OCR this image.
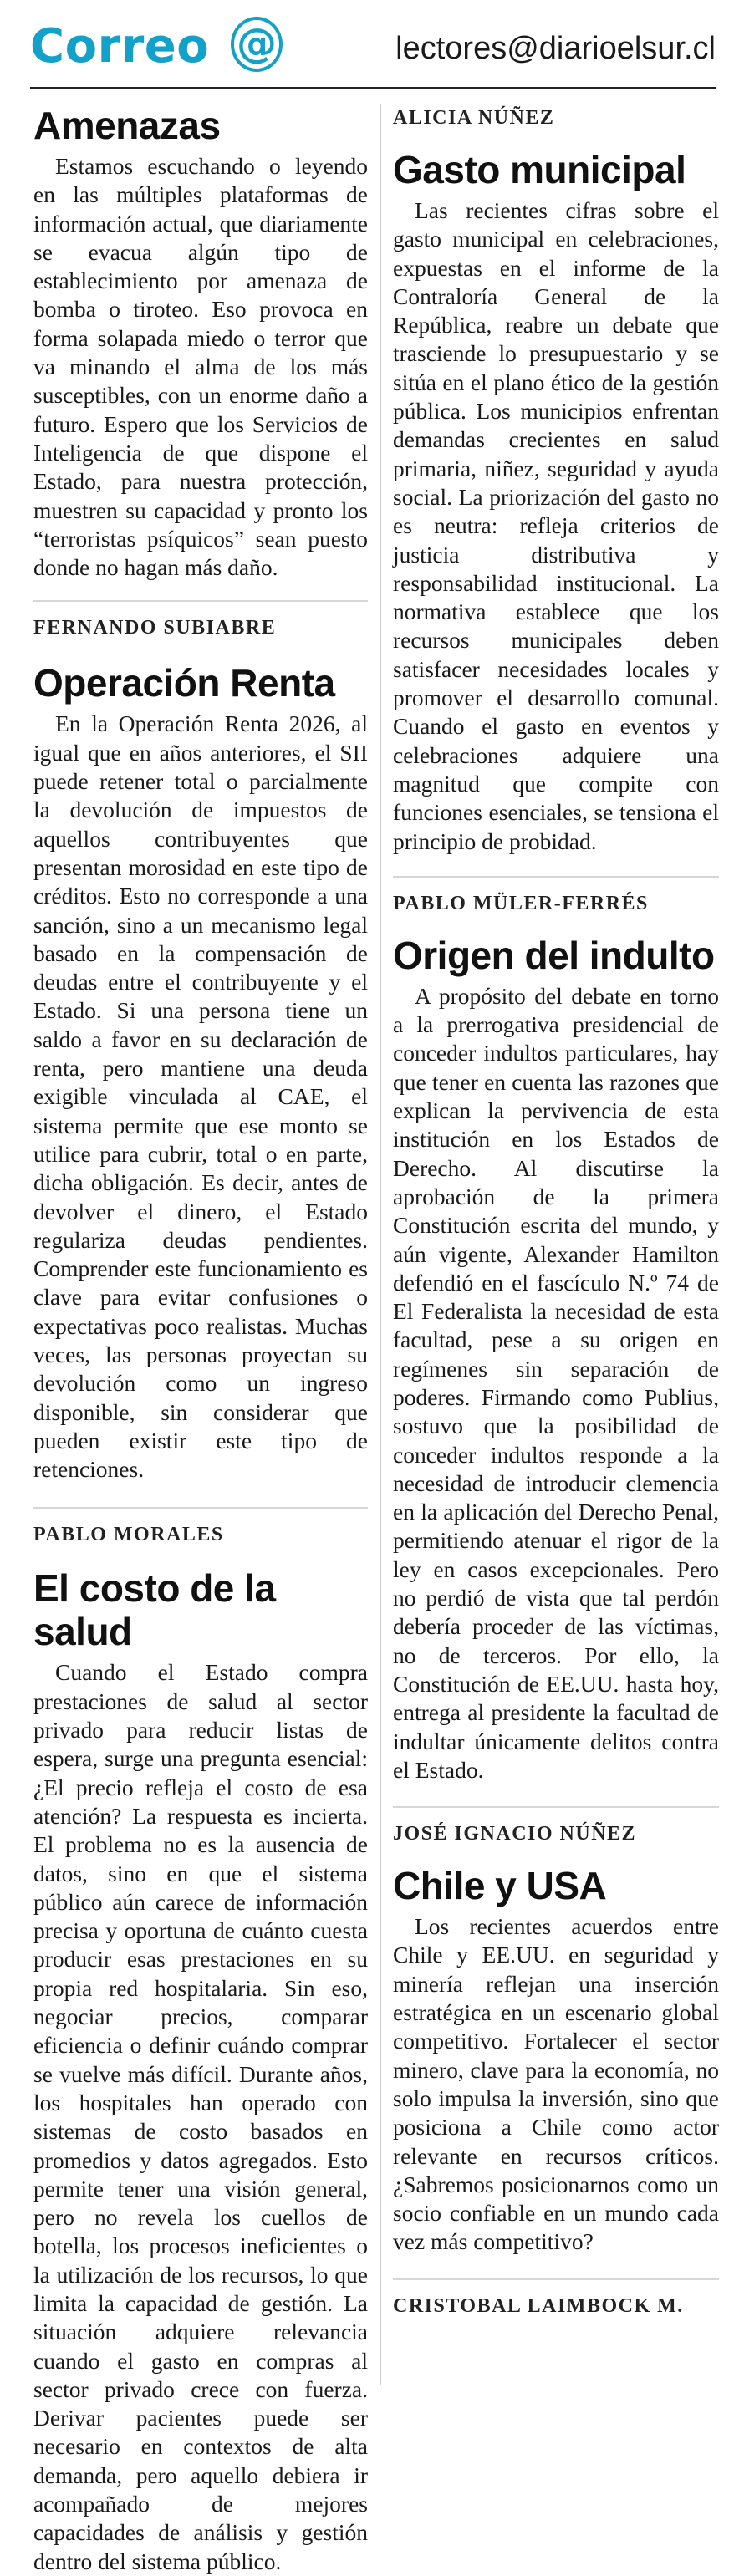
Correo @	lectores@diarioelsur.cl
Amenazas

Estamos escuchando o leyendo en las múltiples plataformas de información actual, que diariamente se evacua algún tipo de establecimiento por amenaza de bomba o tiroteo. Eso provoca en forma solapada miedo o terror que va minando el alma de los más susceptibles, con un enorme daño a futuro. Espero que los Servicios de Inteligencia de que dispone el Estado, para nuestra protección, muestren su capacidad y pronto los “terroristas psíquicos” sean puesto donde no hagan más daño.

FERNANDO SUBIABRE

Operación Renta

En la Operación Renta 2026, al igual que en años anteriores, el SII puede retener total o parcialmente la devolución de impuestos de aquellos contribuyentes que presentan morosidad en este tipo de créditos. Esto no corresponde a una sanción, sino a un mecanismo legal basado en la compensación de deudas entre el contribuyente y el Estado. Si una persona tiene un saldo a favor en su declaración de renta, pero mantiene una deuda exigible vinculada al CAE, el sistema permite que ese monto se utilice para cubrir, total o en parte, dicha obligación. Es decir, antes de devolver el dinero, el Estado regulariza deudas pendientes. Comprender este funcionamiento es clave para evitar confusiones o expectativas poco realistas. Muchas veces, las personas proyectan su devolución como un ingreso disponible, sin considerar que pueden existir este tipo de retenciones.

PABLO MORALES

El costo de la salud

Cuando el Estado compra prestaciones de salud al sector privado para reducir listas de espera, surge una pregunta esencial: ¿El precio refleja el costo de esa atención? La respuesta es incierta. El problema no es la ausencia de datos, sino en que el sistema público aún carece de información precisa y oportuna de cuánto cuesta producir esas prestaciones en su propia red hospitalaria. Sin eso, negociar precios, comparar eficiencia o definir cuándo comprar se vuelve más difícil. Durante años, los hospitales han operado con sistemas de costo basados en promedios y datos agregados. Esto permite tener una visión general, pero no revela los cuellos de botella, los procesos ineficientes o la utilización de los recursos, lo que limita la capacidad de gestión. La situación adquiere relevancia cuando el gasto en compras al sector privado crece con fuerza. Derivar pacientes puede ser necesario en contextos de alta demanda, pero aquello debiera ir acompañado de mejores capacidades de análisis y gestión dentro del sistema público.

ALICIA NÚÑEZ

Gasto municipal

Las recientes cifras sobre el gasto municipal en celebraciones, expuestas en el informe de la Contraloría General de la República, reabre un debate que trasciende lo presupuestario y se sitúa en el plano ético de la gestión pública. Los municipios enfrentan demandas crecientes en salud primaria, niñez, seguridad y ayuda social. La priorización del gasto no es neutra: refleja criterios de justicia distributiva y responsabilidad institucional. La normativa establece que los recursos municipales deben satisfacer necesidades locales y promover el desarrollo comunal. Cuando el gasto en eventos y celebraciones adquiere una magnitud que compite con funciones esenciales, se tensiona el principio de probidad.

PABLO MÜLER-FERRÉS

Origen del indulto

A propósito del debate en torno a la prerrogativa presidencial de conceder indultos particulares, hay que tener en cuenta las razones que explican la pervivencia de esta institución en los Estados de Derecho. Al discutirse la aprobación de la primera Constitución escrita del mundo, y aún vigente, Alexander Hamilton defendió en el fascículo N.º 74 de El Federalista la necesidad de esta facultad, pese a su origen en regímenes sin separación de poderes. Firmando como Publius, sostuvo que la posibilidad de conceder indultos responde a la necesidad de introducir clemencia en la aplicación del Derecho Penal, permitiendo atenuar el rigor de la ley en casos excepcionales. Pero no perdió de vista que tal perdón debería proceder de las víctimas, no de terceros. Por ello, la Constitución de EE.UU. hasta hoy, entrega al presidente la facultad de indultar únicamente delitos contra el Estado.

JOSÉ IGNACIO NÚÑEZ

Chile y USA

Los recientes acuerdos entre Chile y EE.UU. en seguridad y minería reflejan una inserción estratégica en un escenario global competitivo. Fortalecer el sector minero, clave para la economía, no solo impulsa la inversión, sino que posiciona a Chile como actor relevante en recursos críticos. ¿Sabremos posicionarnos como un socio confiable en un mundo cada vez más competitivo?

CRISTOBAL LAIMBOCK M.
